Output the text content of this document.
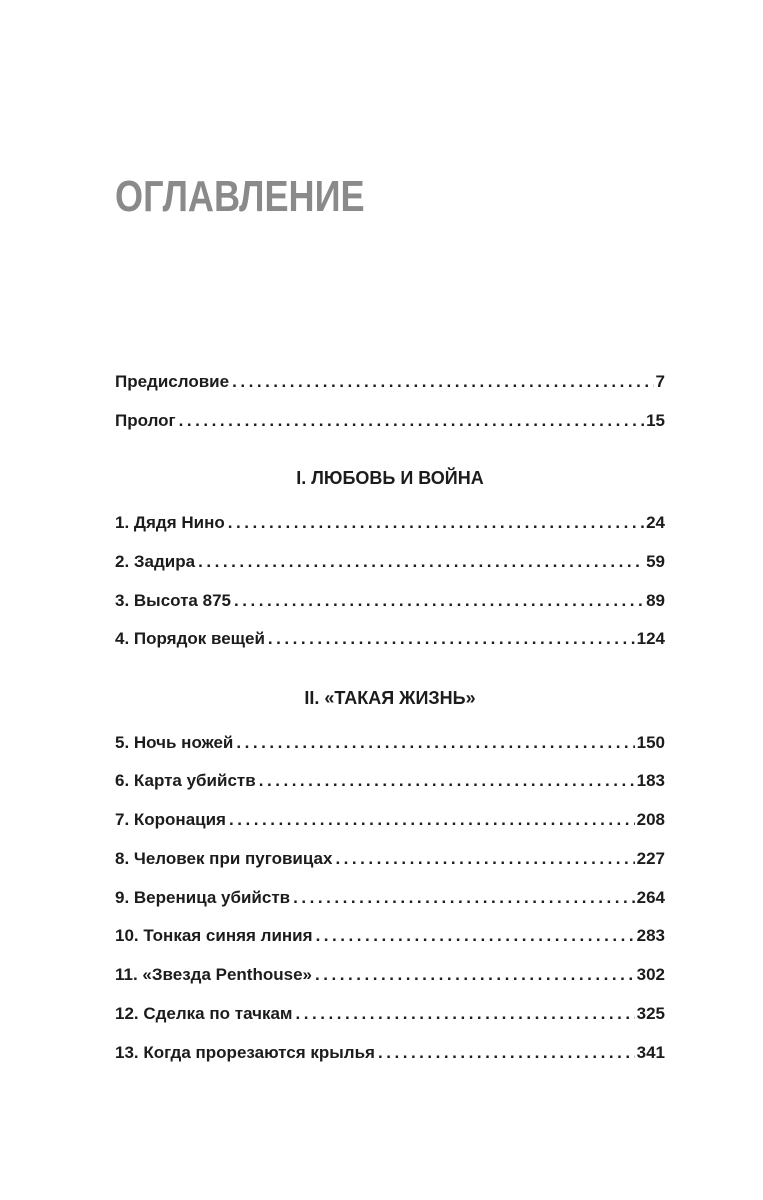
ОГЛАВЛЕНИЕ
Предисловие . . .	7
Пролог . . .	15
I. ЛЮБОВЬ И ВОЙНА
1. Дядя Нино . . .	24
2. Задира . . .	59
3. Высота 875 . . .	89
4. Порядок вещей . . .	124
II. «ТАКАЯ ЖИЗНЬ»
5. Ночь ножей . . .	150
6. Карта убийств . . .	183
7. Коронация . . .	208
8. Человек при пуговицах . . .	227
9. Вереница убийств . . .	264
10. Тонкая синяя линия . . .	283
11. «Звезда Penthouse» . . .	302
12. Сделка по тачкам . . .	325
13. Когда прорезаются крылья . . .	341
